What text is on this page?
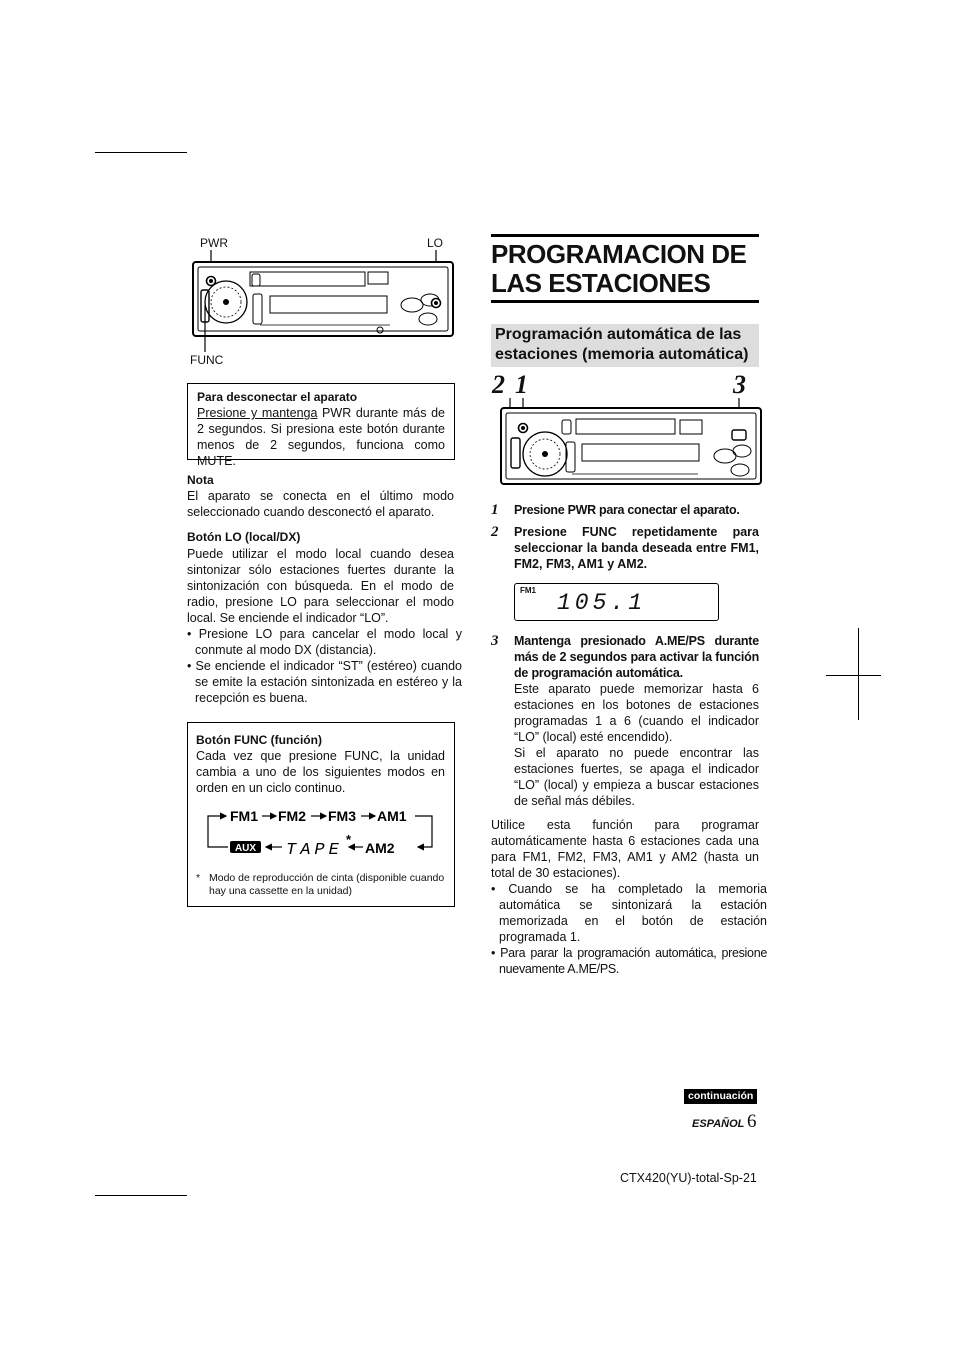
PWR	LO
FUNC
Para desconectar el aparato

Presione y mantenga PWR durante más de 2 segundos. Si presiona este botón durante menos de 2 segundos, funciona como MUTE.

Nota

El aparato se conecta en el último modo seleccionado cuando desconectó el aparato.

Botón LO (local/DX)

Puede utilizar el modo local cuando desea sintonizar sólo estaciones fuertes durante la sintonización con búsqueda. En el modo de radio, presione LO para seleccionar el modo local. Se enciende el indicador “LO”.

• Presione LO para cancelar el modo local y conmute al modo DX (distancia).

• Se enciende el indicador “ST” (estéreo) cuando se emite la estación sintonizada en estéreo y la recepción es buena.

Botón FUNC (función)

Cada vez que presione FUNC, la unidad cambia a uno de los siguientes modos en orden en un ciclo continuo.

FM1 FM2 FM3 AM1
AM2
*
TAPE
AUX
* Modo de reproducción de cinta (disponible cuando hay una cassette en la unidad)
PROGRAMACION DE LAS ESTACIONES
Programación automática de las estaciones (memoria automática)
2 1	3
1 Presione PWR para conectar el aparato.
2 Presione FUNC repetidamente para seleccionar la banda deseada entre FM1, FM2, FM3, AM1 y AM2.
FM1 105.1
3 Mantenga presionado A.ME/PS durante más de 2 segundos para activar la función de programación automática.

Este aparato puede memorizar hasta 6 estaciones en los botones de estaciones programadas 1 a 6 (cuando el indicador “LO” (local) esté encendido).

Si el aparato no puede encontrar las estaciones fuertes, se apaga el indicador “LO” (local) y empieza a buscar estaciones de señal más débiles.

Utilice esta función para programar automáticamente hasta 6 estaciones cada una para FM1, FM2, FM3, AM1 y AM2 (hasta un total de 30 estaciones).

• Cuando se ha completado la memoria automática se sintonizará la estación memorizada en el botón de estación programada 1.

• Para parar la programación automática, presione nuevamente A.ME/PS.

continuación
ESPAÑOL 6
CTX420(YU)-total-Sp-21
